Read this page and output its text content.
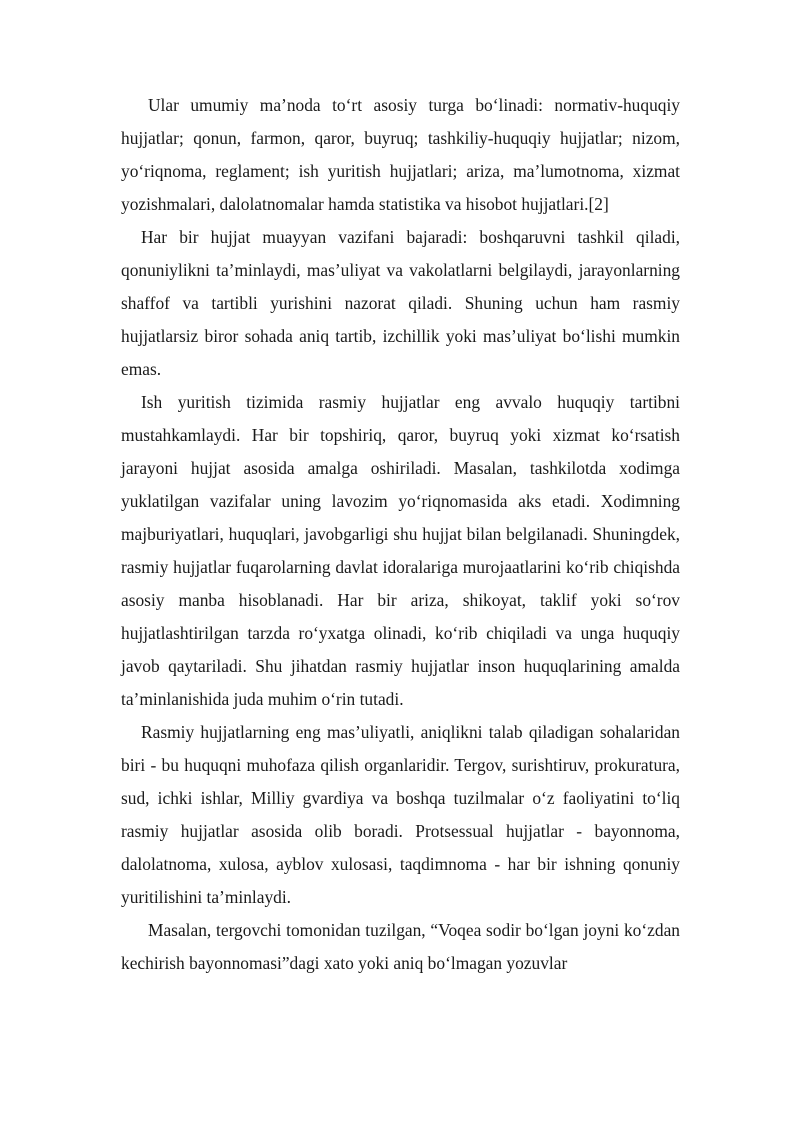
Ular umumiy ma’noda to‘rt asosiy turga bo‘linadi: normativ-huquqiy hujjatlar; qonun, farmon, qaror, buyruq; tashkiliy-huquqiy hujjatlar; nizom, yo‘riqnoma, reglament; ish yuritish hujjatlari; ariza, ma’lumotnoma, xizmat yozishmalari, dalolatnomalar hamda statistika va hisobot hujjatlari.[2]

Har bir hujjat muayyan vazifani bajaradi: boshqaruvni tashkil qiladi, qonuniylikni ta’minlaydi, mas’uliyat va vakolatlarni belgilaydi, jarayonlarning shaffof va tartibli yurishini nazorat qiladi. Shuning uchun ham rasmiy hujjatlarsiz biror sohada aniq tartib, izchillik yoki mas’uliyat bo‘lishi mumkin emas.

Ish yuritish tizimida rasmiy hujjatlar eng avvalo huquqiy tartibni mustahkamlaydi. Har bir topshiriq, qaror, buyruq yoki xizmat ko‘rsatish jarayoni hujjat asosida amalga oshiriladi. Masalan, tashkilotda xodimga yuklatilgan vazifalar uning lavozim yo‘riqnomasida aks etadi. Xodimning majburiyatlari, huquqlari, javobgarligi shu hujjat bilan belgilanadi. Shuningdek, rasmiy hujjatlar fuqarolarning davlat idoralariga murojaatlarini ko‘rib chiqishda asosiy manba hisoblanadi. Har bir ariza, shikoyat, taklif yoki so‘rov hujjatlashtirilgan tarzda ro‘yxatga olinadi, ko‘rib chiqiladi va unga huquqiy javob qaytariladi. Shu jihatdan rasmiy hujjatlar inson huquqlarining amalda ta’minlanishida juda muhim o‘rin tutadi.

Rasmiy hujjatlarning eng mas’uliyatli, aniqlikni talab qiladigan sohalaridan biri - bu huquqni muhofaza qilish organlaridir. Tergov, surishtiruv, prokuratura, sud, ichki ishlar, Milliy gvardiya va boshqa tuzilmalar o‘z faoliyatini to‘liq rasmiy hujjatlar asosida olib boradi. Protsessual hujjatlar - bayonnoma, dalolatnoma, xulosa, ayblov xulosasi, taqdimnoma - har bir ishning qonuniy yuritilishini ta’minlaydi.

Masalan, tergovchi tomonidan tuzilgan, “Voqea sodir bo‘lgan joyni ko‘zdan kechirish bayonnomasi”dagi xato yoki aniq bo‘lmagan yozuvlar
